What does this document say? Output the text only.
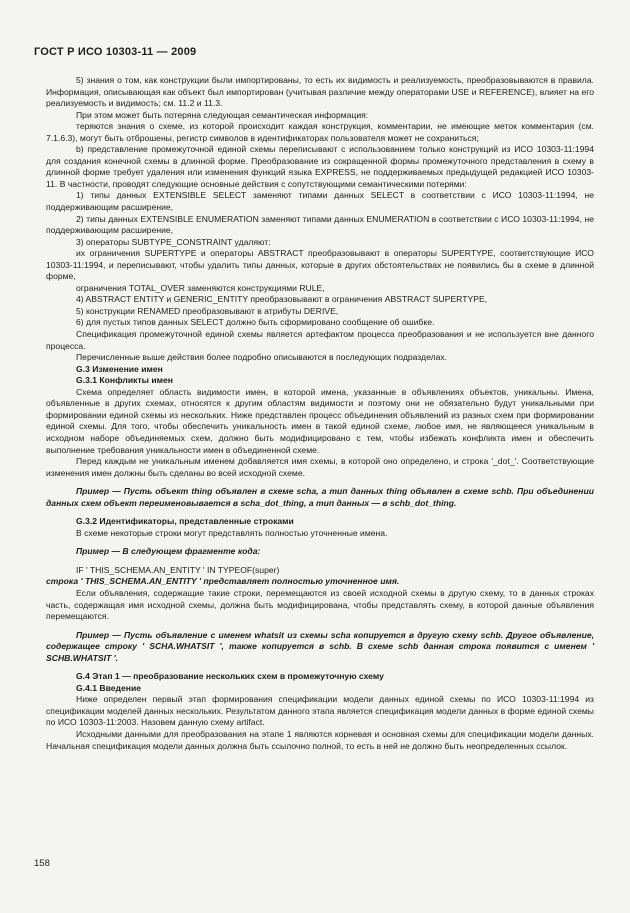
ГОСТ Р ИСО 10303-11 — 2009

5) знания о том, как конструкции были импортированы, то есть их видимость и реализуемость, преобразовываются в правила. Информация, описывающая как объект был импортирован (учитывая различие между операторами USE и REFERENCE), влияет на его реализуемость и видимость; см. 11.2 и 11.3.

При этом может быть потеряна следующая семантическая информация:

теряются знания о схеме, из которой происходит каждая конструкция, комментарии, не имеющие меток комментария (см. 7.1.6.3), могут быть отброшены, регистр символов в идентификаторах пользователя может не сохраниться;

b) представление промежуточной единой схемы переписывают с использованием только конструкций из ИСО 10303-11:1994 для создания конечной схемы в длинной форме. Преобразование из сокращенной формы промежуточного представления в схему в длинной форме требует удаления или изменения функций языка EXPRESS, не поддерживаемых предыдущей редакцией ИСО 10303-11. В частности, проводят следующие основные действия с сопутствующими семантическими потерями:

1) типы данных EXTENSIBLE SELECT заменяют типами данных SELECT в соответствии с ИСО 10303-11:1994, не поддерживающим расширение,

2) типы данных EXTENSIBLE ENUMERATION заменяют типами данных ENUMERATION в соответствии с ИСО 10303-11:1994, не поддерживающим расширение,

3) операторы SUBTYPE_CONSTRAINT удаляют:

их ограничения SUPERTYPE и операторы ABSTRACT преобразовывают в операторы SUPERTYPE, соответствующие ИСО 10303-11:1994, и переписывают, чтобы удалить типы данных, которые в других обстоятельствах не появились бы в схеме в длинной форме,

ограничения TOTAL_OVER заменяются конструкциями RULE,

4) ABSTRACT ENTITY и GENERIC_ENTITY преобразовывают в ограничения ABSTRACT SUPERTYPE,

5) конструкции RENAMED преобразовывают в атрибуты DERIVE,

6) для пустых типов данных SELECT должно быть сформировано сообщение об ошибке.

Спецификация промежуточной единой схемы является артефактом процесса преобразования и не используется вне данного процесса.

Перечисленные выше действия более подробно описываются в последующих подразделах.

G.3 Изменение имен

G.3.1 Конфликты имен

Схема определяет область видимости имен, в которой имена, указанные в объявлениях объектов, уникальны. Имена, объявленные в других схемах, относятся к другим областям видимости и поэтому они не обязательно будут уникальными при формировании единой схемы из нескольких. Ниже представлен процесс объединения объявлений из разных схем при формировании единой схемы. Для того, чтобы обеспечить уникальность имен в такой единой схеме, любое имя, не являющееся уникальным в исходном наборе объединяемых схем, должно быть модифицировано с тем, чтобы избежать конфликта имен и обеспечить выполнение требования уникальности имен в объединенной схеме.

Перед каждым не уникальным именем добавляется имя схемы, в которой оно определено, и строка '_dot_'. Соответствующие изменения имен должны быть сделаны во всей исходной схеме.

Пример — Пусть объект thing объявлен в схеме scha, а тип данных thing объявлен в схеме schb. При объединении данных схем объект переименовывается в scha_dot_thing, а тип данных — в schb_dot_thing.

G.3.2 Идентификаторы, представленные строками

В схеме некоторые строки могут представлять полностью уточненные имена.

Пример — В следующем фрагменте кода:

IF ' THIS_SCHEMA.AN_ENTITY ' IN TYPEOF(super)

строка ' THIS_SCHEMA.AN_ENTITY ' представляет полностью уточненное имя.

Если объявления, содержащие такие строки, перемещаются из своей исходной схемы в другую схему, то в данных строках часть, содержащая имя исходной схемы, должна быть модифицирована, чтобы представлять схему, в которой данные объявления перемещаются.

Пример — Пусть объявление с именем whatsit из схемы scha копируется в другую схему schb. Другое объявление, содержащее строку ' SCHA.WHATSIT ', также копируется в schb. В схеме schb данная строка появится с именем ' SCHB.WHATSIT '.

G.4 Этап 1 — преобразование нескольких схем в промежуточную схему

G.4.1 Введение

Ниже определен первый этап формирования спецификации модели данных единой схемы по ИСО 10303-11:1994 из спецификации моделей данных нескольких. Результатом данного этапа является спецификация модели данных в форме единой схемы по ИСО 10303-11:2003. Назовем данную схему artifact.

Исходными данными для преобразования на этапе 1 являются корневая и основная схемы для спецификации модели данных. Начальная спецификация модели данных должна быть ссылочно полной, то есть в ней не должно быть неопределенных ссылок.

158
